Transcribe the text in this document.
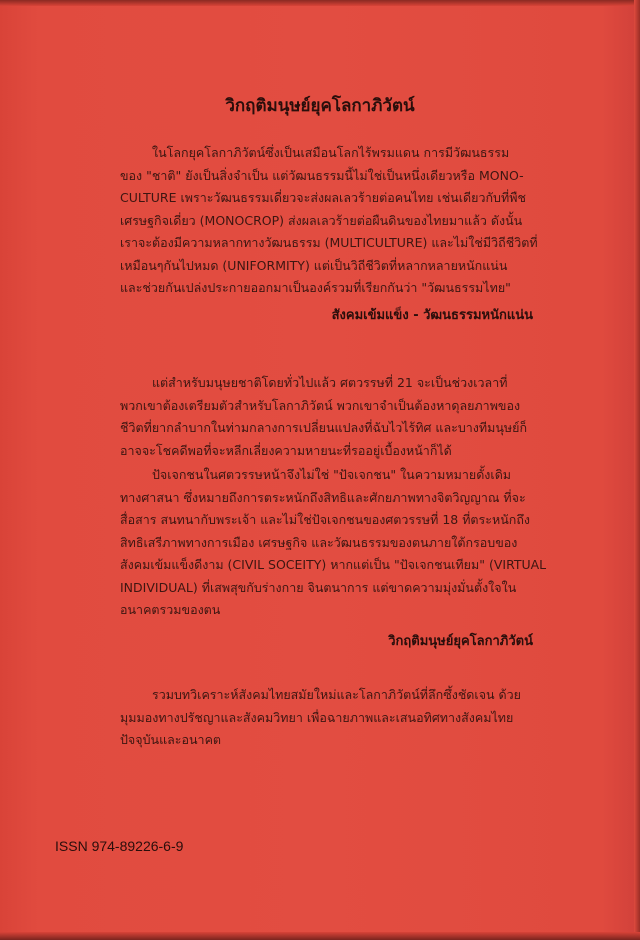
วิกฤติมนุษย์ยุคโลกาภิวัตน์

ในโลกยุคโลกาภิวัตน์ซึ่งเป็นเสมือนโลกไร้พรมแดน การมีวัฒนธรรม

ของ "ชาติ" ยังเป็นสิ่งจำเป็น แต่วัฒนธรรมนี้ไม่ใช่เป็นหนึ่งเดียวหรือ MONO-

CULTURE เพราะวัฒนธรรมเดี่ยวจะส่งผลเลวร้ายต่อคนไทย เช่นเดียวกับที่พืช

เศรษฐกิจเดี่ยว (MONOCROP) ส่งผลเลวร้ายต่อผืนดินของไทยมาแล้ว ดังนั้น

เราจะต้องมีความหลากทางวัฒนธรรม (MULTICULTURE) และไม่ใช่มีวิถีชีวิตที่

เหมือนๆกันไปหมด (UNIFORMITY) แต่เป็นวิถีชีวิตที่หลากหลายหนักแน่น

และช่วยกันเปล่งประกายออกมาเป็นองค์รวมที่เรียกกันว่า "วัฒนธรรมไทย"

สังคมเข้มแข็ง - วัฒนธรรมหนักแน่น

แต่สำหรับมนุษยชาติโดยทั่วไปแล้ว ศตวรรษที่ 21 จะเป็นช่วงเวลาที่

พวกเขาต้องเตรียมตัวสำหรับโลกาภิวัตน์ พวกเขาจำเป็นต้องหาดุลยภาพของ

ชีวิตที่ยากลำบากในท่ามกลางการเปลี่ยนแปลงที่ฉับไวไร้ทิศ และบางทีมนุษย์ก็

อาจจะโชคดีพอที่จะหลีกเลี่ยงความหายนะที่รออยู่เบื้องหน้าก็ได้

ปัจเจกชนในศตวรรษหน้าจึงไม่ใช่ "ปัจเจกชน" ในความหมายดั้งเดิม

ทางศาสนา ซึ่งหมายถึงการตระหนักถึงสิทธิและศักยภาพทางจิตวิญญาณ ที่จะ

สื่อสาร สนทนากับพระเจ้า และไม่ใช่ปัจเจกชนของศตวรรษที่ 18 ที่ตระหนักถึง

สิทธิเสรีภาพทางการเมือง เศรษฐกิจ และวัฒนธรรมของตนภายใต้กรอบของ

สังคมเข้มแข็งดีงาม (CIVIL SOCEITY) หากแต่เป็น "ปัจเจกชนเทียม" (VIRTUAL

INDIVIDUAL) ที่เสพสุขกับร่างกาย จินตนาการ แต่ขาดความมุ่งมั่นตั้งใจใน

อนาคตรวมของตน

วิกฤติมนุษย์ยุคโลกาภิวัตน์

รวมบทวิเคราะห์สังคมไทยสมัยใหม่และโลกาภิวัตน์ที่ลึกซึ้งชัดเจน ด้วย

มุมมองทางปรัชญาและสังคมวิทยา เพื่อฉายภาพและเสนอทิศทางสังคมไทย

ปัจจุบันและอนาคต

ISSN 974-89226-6-9
